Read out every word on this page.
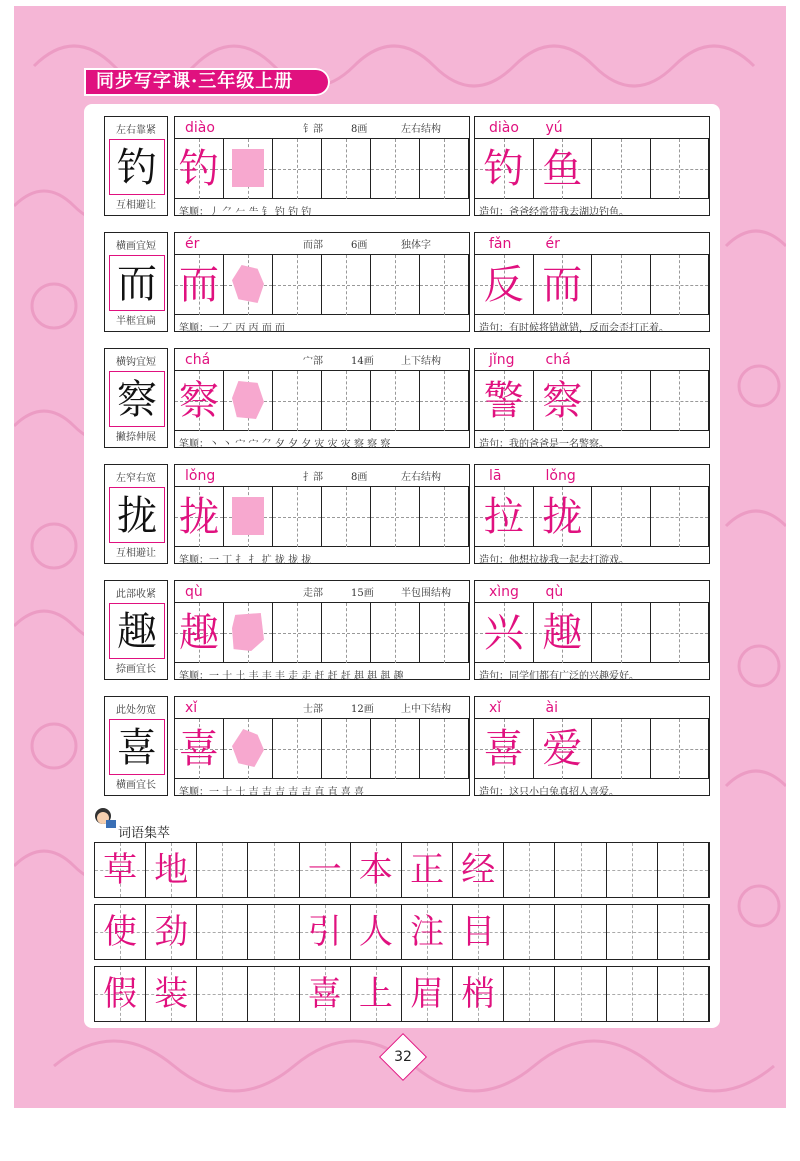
同步写字课·三年级上册
左右靠紧
钓
互相避让
diào	钅部	8画	左右结构
钓
笔顺：丿 ⺈ 𠂉 ⺧ 钅 钓 钓 钓
diào yú
钓 鱼
造句：爸爸经常带我去湖边钓鱼。
横画宜短
而
半框宜扁
ér	而部	6画	独体字
而
笔顺：一 丆 丙 丙 而 而
fǎn ér
反 而
造句：有时候将错就错，反而会歪打正着。
横钩宜短
察
撇捺伸展
chá	宀部	14画	上下结构
察
笔顺：丶 丶 宀 宀 ⺈ 夕 夕 夕 灾 灾 灾 察 察 察
jǐng chá
警 察
造句：我的爸爸是一名警察。
左窄右宽
拢
互相避让
lǒng	扌部	8画	左右结构
拢
笔顺：一 丁 扌 扌 扩 拢 拢 拢
lā	lǒng
拉 拢
造句：他想拉拢我一起去打游戏。
此部收紧
趣
捺画宜长
qù	走部	15画	半包围结构
趣
笔顺：一 十 土 丰 丰 丰 走 走 赶 赶 赶 趄 趄 趄 趣
xìng qù
兴 趣
造句：同学们都有广泛的兴趣爱好。
此处勿宽
喜
横画宜长
xǐ	士部	12画	上中下结构
喜
笔顺：一 十 士 吉 吉 吉 吉 吉 直 直 喜 喜
xǐ	ài
喜 爱
造句：这只小白兔真招人喜爱。
词语集萃
草 地	一 本 正 经
使 劲	引 人 注 目
假 装	喜 上 眉 梢
32
